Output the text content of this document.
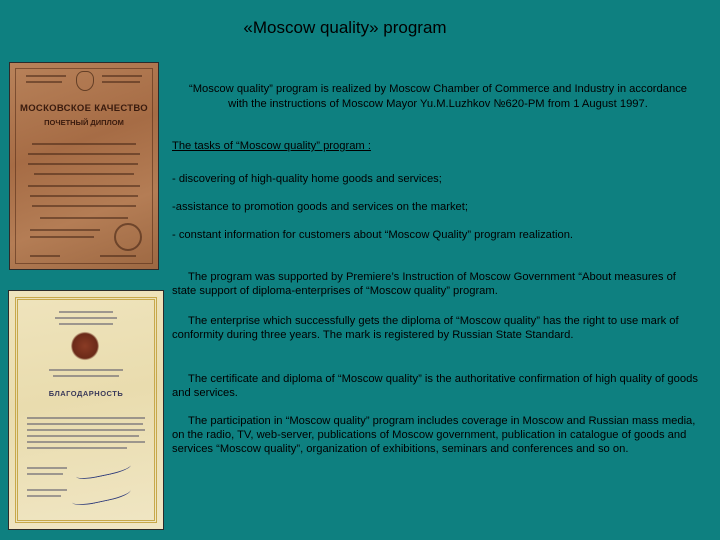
«Moscow quality» program
МОСКОВСКОЕ КАЧЕСТВО
ПОЧЕТНЫЙ ДИПЛОМ
БЛАГОДАРНОСТЬ
“Moscow quality” program is realized by Moscow Chamber of Commerce and Industry in accordance with the instructions of Moscow Mayor Yu.M.Luzhkov №620-PM from 1 August 1997.
The tasks of “Moscow quality” program :
- discovering of high-quality home goods and services;
-assistance to promotion goods and services on the market;
- constant information for customers about “Moscow Quality” program realization.
The program was supported by Premiere’s Instruction of Moscow Government “About measures of state support of diploma-enterprises of “Moscow quality” program.
The enterprise which successfully gets the diploma of “Moscow quality” has the right to use mark of conformity during three years. The mark is registered by Russian State Standard.
The certificate and diploma of “Moscow quality” is the authoritative confirmation of high quality of goods and services.
The participation in “Moscow quality” program includes coverage in Moscow and Russian mass media, on the radio, TV, web-server, publications of Moscow government, publication in catalogue of goods and services “Moscow quality”, organization of exhibitions, seminars and conferences and so on.
